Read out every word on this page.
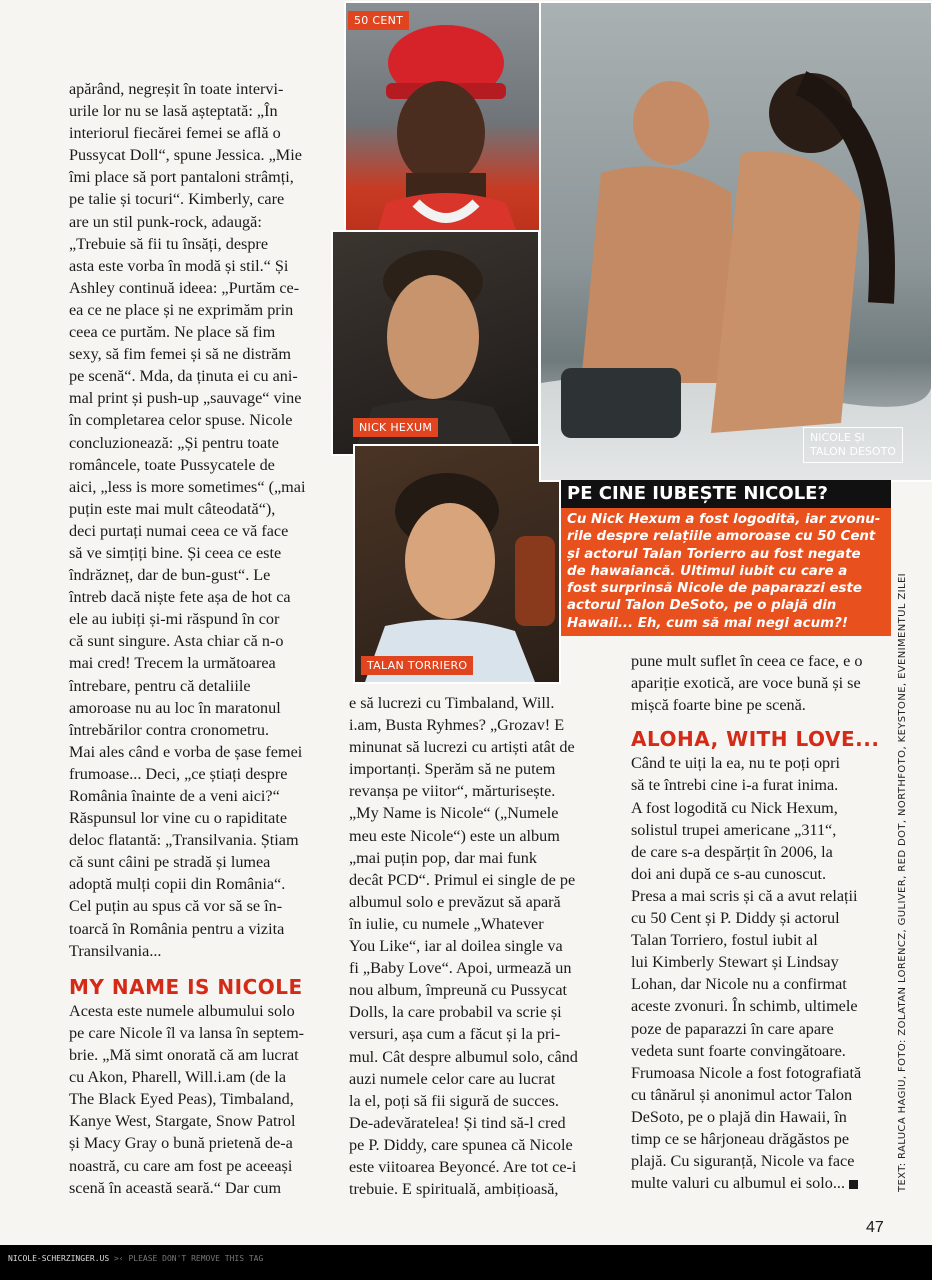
apărând, negreșit în toate intervi-
urile lor nu se lasă așteptată: „În
interiorul fiecărei femei se află o
Pussycat Doll“, spune Jessica. „Mie
îmi place să port pantaloni strâmți,
pe talie și tocuri“. Kimberly, care
are un stil punk-rock, adaugă:
„Trebuie să fii tu însăți, despre
asta este vorba în modă și stil.“ Și
Ashley continuă ideea: „Purtăm ce-
ea ce ne place și ne exprimăm prin
ceea ce purtăm. Ne place să fim
sexy, să fim femei și să ne distrăm
pe scenă“. Mda, da ținuta ei cu ani-
mal print și push-up „sauvage“ vine
în completarea celor spuse. Nicole
concluzionează: „Și pentru toate
româncele, toate Pussycatele de
aici, „less is more sometimes“ („mai
puțin este mai mult câteodată“),
deci purtați numai ceea ce vă face
să ve simțiți bine. Și ceea ce este
îndrăzneț, dar de bun-gust“. Le
întreb dacă niște fete așa de hot ca
ele au iubiți și-mi răspund în cor
că sunt singure. Asta chiar că n-o
mai cred! Trecem la următoarea
întrebare, pentru că detaliile
amoroase nu au loc în maratonul
întrebărilor contra cronometru.
Mai ales când e vorba de șase femei
frumoase... Deci, „ce știați despre
România înainte de a veni aici?“
Răspunsul lor vine cu o rapiditate
deloc flatantă: „Transilvania. Știam
că sunt câini pe stradă și lumea
adoptă mulți copii din România“.
Cel puțin au spus că vor să se în-
toarcă în România pentru a vizita
Transilvania...

MY NAME IS NICOLE

Acesta este numele albumului solo
pe care Nicole îl va lansa în septem-
brie. „Mă simt onorată că am lucrat
cu Akon, Pharell, Will.i.am (de la
The Black Eyed Peas), Timbaland,
Kanye West, Stargate, Snow Patrol
și Macy Gray o bună prietenă de-a
noastră, cu care am fost pe aceeași
scenă în această seară.“ Dar cum

50 CENT
NICK HEXUM
TALAN TORRIERO
NICOLE ȘI
TALON DESOTO
PE CINE IUBEȘTE NICOLE?
Cu Nick Hexum a fost logodită, iar zvonu-
rile despre relațiile amoroase cu 50 Cent
și actorul Talan Torierro au fost negate
de hawaiancă. Ultimul iubit cu care a
fost surprinsă Nicole de paparazzi este
actorul Talon DeSoto, pe o plajă din
Hawaii... Eh, cum să mai negi acum?!

e să lucrezi cu Timbaland, Will.
i.am, Busta Ryhmes? „Grozav! E
minunat să lucrezi cu artiști atât de
importanți. Sperăm să ne putem
revanșa pe viitor“, mărturisește.
„My Name is Nicole“ („Numele
meu este Nicole“) este un album
„mai puțin pop, dar mai funk
decât PCD“. Primul ei single de pe
albumul solo e prevăzut să apară
în iulie, cu numele „Whatever
You Like“, iar al doilea single va
fi „Baby Love“. Apoi, urmează un
nou album, împreună cu Pussycat
Dolls, la care probabil va scrie și
versuri, așa cum a făcut și la pri-
mul. Cât despre albumul solo, când
auzi numele celor care au lucrat
la el, poți să fii sigură de succes.
De-adevăratelea! Și tind să-l cred
pe P. Diddy, care spunea că Nicole
este viitoarea Beyoncé. Are tot ce-i
trebuie. E spirituală, ambițioasă,

pune mult suflet în ceea ce face, e o
apariție exotică, are voce bună și se
mișcă foarte bine pe scenă.

ALOHA, WITH LOVE...

Când te uiți la ea, nu te poți opri
să te întrebi cine i-a furat inima.
A fost logodită cu Nick Hexum,
solistul trupei americane „311“,
de care s-a despărțit în 2006, la
doi ani după ce s-au cunoscut.
Presa a mai scris și că a avut relații
cu 50 Cent și P. Diddy și actorul
Talan Torriero, fostul iubit al
lui Kimberly Stewart și Lindsay
Lohan, dar Nicole nu a confirmat
aceste zvonuri. În schimb, ultimele
poze de paparazzi în care apare
vedeta sunt foarte convingătoare.
Frumoasa Nicole a fost fotografiată
cu tânărul și anonimul actor Talon
DeSoto, pe o plajă din Hawaii, în
timp ce se hârjoneau drăgăstos pe
plajă. Cu siguranță, Nicole va face
multe valuri cu albumul ei solo...	TEXT: RALUCA HAGIU, FOTO: ZOLATAN LORENCZ, GULIVER, RED DOT, NORTHFOTO, KEYSTONE, EVENIMENTUL ZILEI
47
NICOLE-SCHERZINGER.US >‹ PLEASE DON'T REMOVE THIS TAG
